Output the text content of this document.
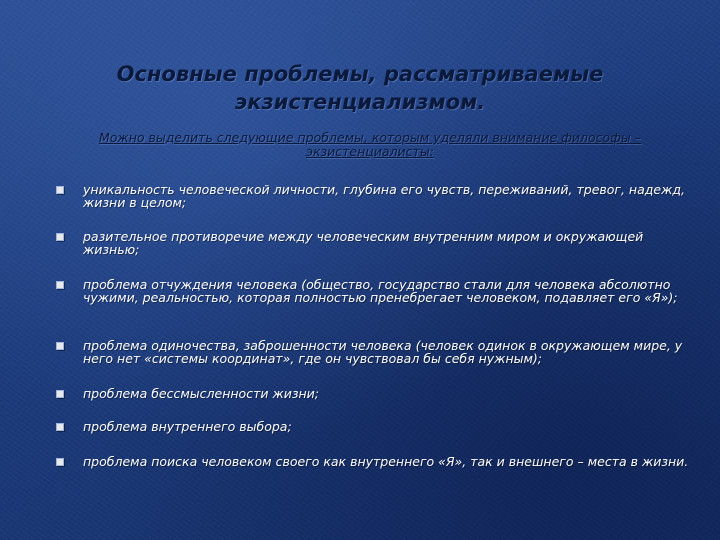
Основные проблемы, рассматриваемые экзистенциализмом.
Можно выделить следующие проблемы, которым уделяли внимание философы – экзистенциалисты:
уникальность человеческой личности, глубина его чувств, переживаний, тревог, надежд, жизни в целом;
разительное противоречие между человеческим внутренним миром и окружающей жизнью;
проблема отчуждения человека (общество, государство стали для человека абсолютно чужими, реальностью, которая полностью пренебрегает человеком, подавляет его «Я»);
проблема одиночества, заброшенности человека (человек одинок в окружающем мире, у него нет «системы координат», где он чувствовал бы себя нужным);
проблема бессмысленности жизни;
проблема внутреннего выбора;
проблема поиска человеком своего как внутреннего «Я», так и внешнего – места в жизни.
